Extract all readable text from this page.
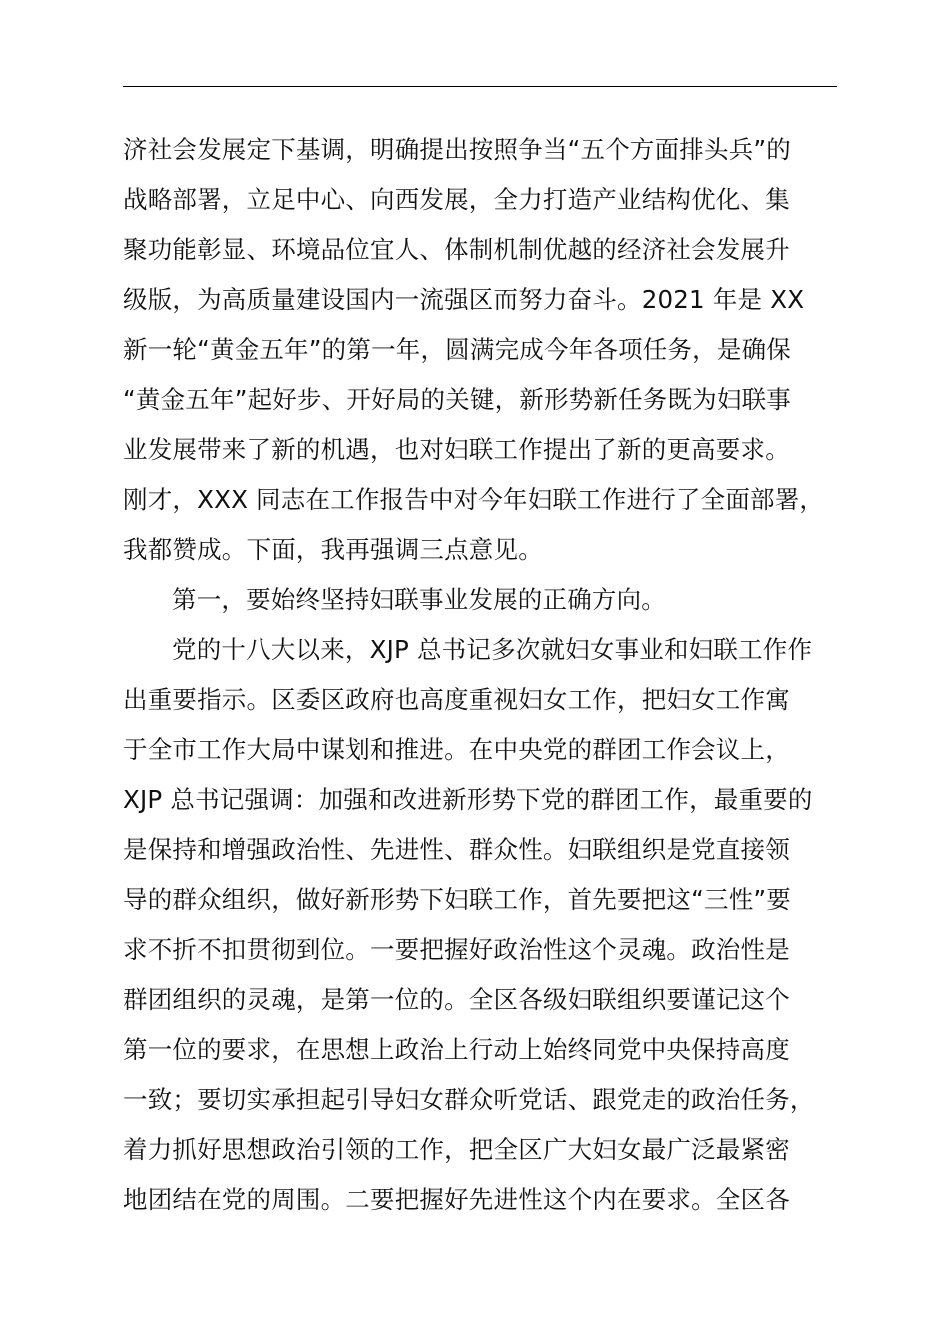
济社会发展定下基调，明确提出按照争当“五个方面排头兵”的
战略部署，立足中心、向西发展，全力打造产业结构优化、集
聚功能彰显、环境品位宜人、体制机制优越的经济社会发展升
级版，为高质量建设国内一流强区而努力奋斗。2021 年是 XX
新一轮“黄金五年”的第一年，圆满完成今年各项任务，是确保
“黄金五年”起好步、开好局的关键，新形势新任务既为妇联事
业发展带来了新的机遇，也对妇联工作提出了新的更高要求。
刚才，XXX 同志在工作报告中对今年妇联工作进行了全面部署，
我都赞成。下面，我再强调三点意见。
第一，要始终坚持妇联事业发展的正确方向。
党的十八大以来，XJP 总书记多次就妇女事业和妇联工作作
出重要指示。区委区政府也高度重视妇女工作，把妇女工作寓
于全市工作大局中谋划和推进。在中央党的群团工作会议上，
XJP 总书记强调：加强和改进新形势下党的群团工作，最重要的
是保持和增强政治性、先进性、群众性。妇联组织是党直接领
导的群众组织，做好新形势下妇联工作，首先要把这“三性”要
求不折不扣贯彻到位。一要把握好政治性这个灵魂。政治性是
群团组织的灵魂，是第一位的。全区各级妇联组织要谨记这个
第一位的要求，在思想上政治上行动上始终同党中央保持高度
一致；要切实承担起引导妇女群众听党话、跟党走的政治任务，
着力抓好思想政治引领的工作，把全区广大妇女最广泛最紧密
地团结在党的周围。二要把握好先进性这个内在要求。全区各
